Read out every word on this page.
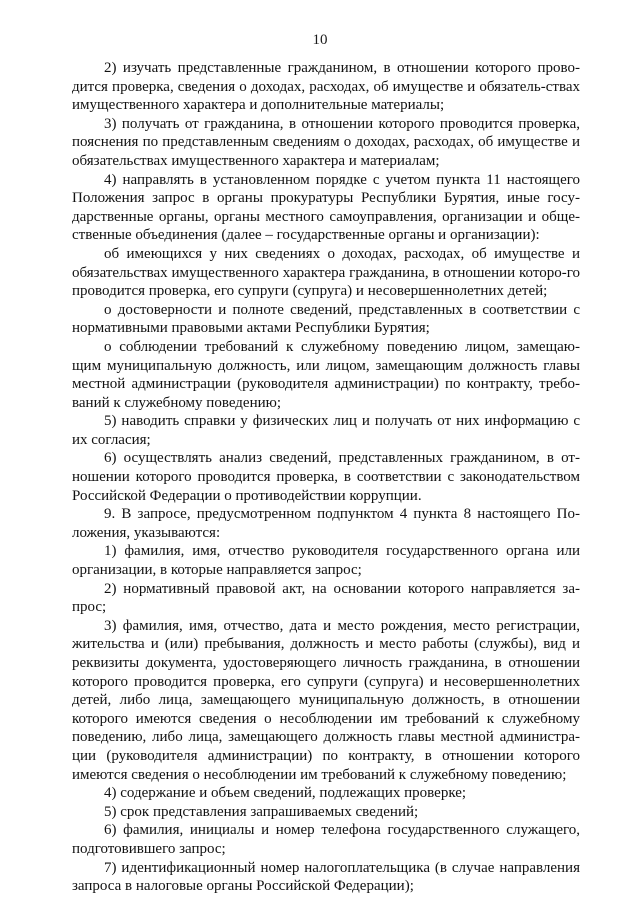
10

2) изучать представленные гражданином, в отношении которого прово-дится проверка, сведения о доходах, расходах, об имуществе и обязатель-ствах имущественного характера и дополнительные материалы;

3) получать от гражданина, в отношении которого проводится проверка, пояснения по представленным сведениям о доходах, расходах, об имуществе и обязательствах имущественного характера и материалам;

4) направлять в установленном порядке с учетом пункта 11 настоящего Положения запрос в органы прокуратуры Республики Бурятия, иные госу-дарственные органы, органы местного самоуправления, организации и обще-ственные объединения (далее – государственные органы и организации):

об имеющихся у них сведениях о доходах, расходах, об имуществе и обязательствах имущественного характера гражданина, в отношении которо-го проводится проверка, его супруги (супруга) и несовершеннолетних детей;

о достоверности и полноте сведений, представленных в соответствии с нормативными правовыми актами Республики Бурятия;

о соблюдении требований к служебному поведению лицом, замещаю-щим муниципальную должность, или лицом, замещающим должность главы местной администрации (руководителя администрации) по контракту, требо-ваний к служебному поведению;

5) наводить справки у физических лиц и получать от них информацию с их согласия;

6) осуществлять анализ сведений, представленных гражданином, в от-ношении которого проводится проверка, в соответствии с законодательством Российской Федерации о противодействии коррупции.

9. В запросе, предусмотренном подпунктом 4 пункта 8 настоящего По-ложения, указываются:

1) фамилия, имя, отчество руководителя государственного органа или организации, в которые направляется запрос;

2) нормативный правовой акт, на основании которого направляется за-прос;

3) фамилия, имя, отчество, дата и место рождения, место регистрации, жительства и (или) пребывания, должность и место работы (службы), вид и реквизиты документа, удостоверяющего личность гражданина, в отношении которого проводится проверка, его супруги (супруга) и несовершеннолетних детей, либо лица, замещающего муниципальную должность, в отношении которого имеются сведения о несоблюдении им требований к служебному поведению, либо лица, замещающего должность главы местной администра-ции (руководителя администрации) по контракту, в отношении которого имеются сведения о несоблюдении им требований к служебному поведению;

4) содержание и объем сведений, подлежащих проверке;

5) срок представления запрашиваемых сведений;

6) фамилия, инициалы и номер телефона государственного служащего, подготовившего запрос;

7) идентификационный номер налогоплательщика (в случае направления запроса в налоговые органы Российской Федерации);
